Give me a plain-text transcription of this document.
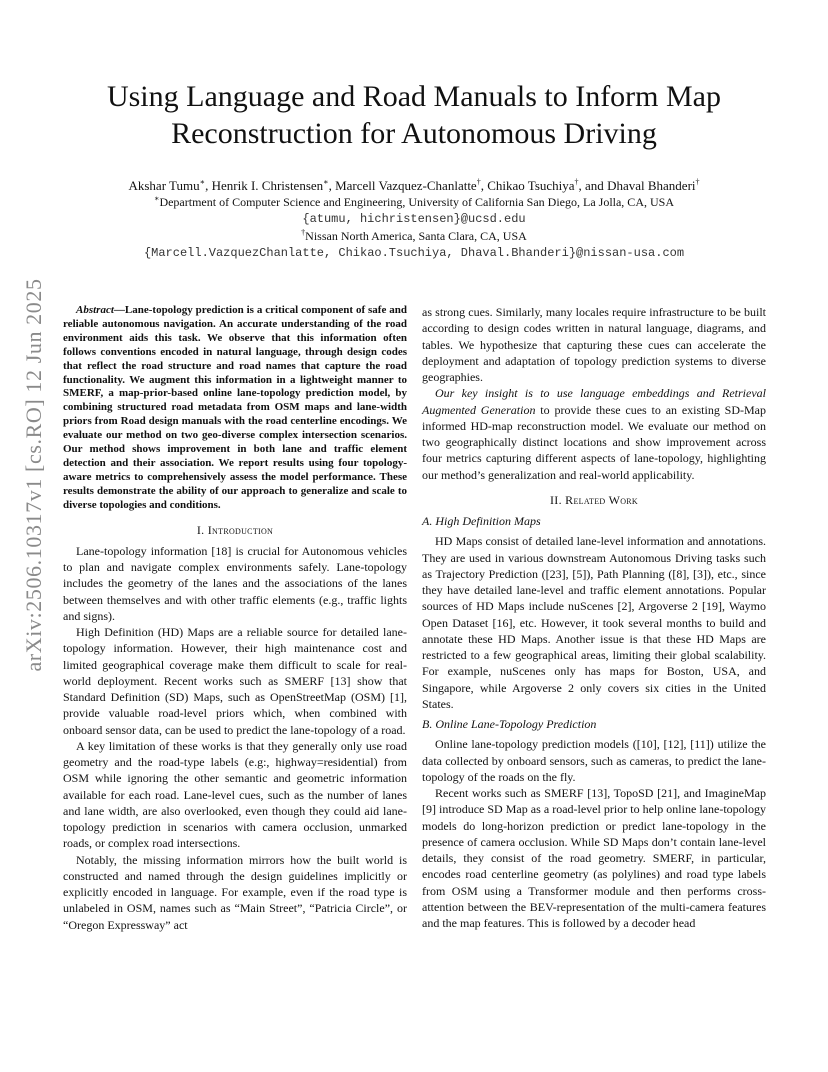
arXiv:2506.10317v1 [cs.RO] 12 Jun 2025
Using Language and Road Manuals to Inform Map
Reconstruction for Autonomous Driving
Akshar Tumu∗, Henrik I. Christensen∗, Marcell Vazquez-Chanlatte†, Chikao Tsuchiya†, and Dhaval Bhanderi†
∗Department of Computer Science and Engineering, University of California San Diego, La Jolla, CA, USA
{atumu, hichristensen}@ucsd.edu
†Nissan North America, Santa Clara, CA, USA
{Marcell.VazquezChanlatte, Chikao.Tsuchiya, Dhaval.Bhanderi}@nissan-usa.com

Abstract—Lane-topology prediction is a critical component of safe and reliable autonomous navigation. An accurate understanding of the road environment aids this task. We observe that this information often follows conventions encoded in natural language, through design codes that reflect the road structure and road names that capture the road functionality. We augment this information in a lightweight manner to SMERF, a map-prior-based online lane-topology prediction model, by combining structured road metadata from OSM maps and lane-width priors from Road design manuals with the road centerline encodings. We evaluate our method on two geo-diverse complex intersection scenarios. Our method shows improvement in both lane and traffic element detection and their association. We report results using four topology-aware metrics to comprehensively assess the model performance. These results demonstrate the ability of our approach to generalize and scale to diverse topologies and conditions.

I. Introduction

Lane-topology information [18] is crucial for Autonomous vehicles to plan and navigate complex environments safely. Lane-topology includes the geometry of the lanes and the associations of the lanes between themselves and with other traffic elements (e.g., traffic lights and signs).

High Definition (HD) Maps are a reliable source for detailed lane-topology information. However, their high maintenance cost and limited geographical coverage make them difficult to scale for real-world deployment. Recent works such as SMERF [13] show that Standard Definition (SD) Maps, such as OpenStreetMap (OSM) [1], provide valuable road-level priors which, when combined with onboard sensor data, can be used to predict the lane-topology of a road.

A key limitation of these works is that they generally only use road geometry and the road-type labels (e.g:, highway=residential) from OSM while ignoring the other semantic and geometric information available for each road. Lane-level cues, such as the number of lanes and lane width, are also overlooked, even though they could aid lane-topology prediction in scenarios with camera occlusion, unmarked roads, or complex road intersections.

Notably, the missing information mirrors how the built world is constructed and named through the design guidelines implicitly or explicitly encoded in language. For example, even if the road type is unlabeled in OSM, names such as “Main Street”, “Patricia Circle”, or “Oregon Expressway” act

as strong cues. Similarly, many locales require infrastructure to be built according to design codes written in natural language, diagrams, and tables. We hypothesize that capturing these cues can accelerate the deployment and adaptation of topology prediction systems to diverse geographies.

Our key insight is to use language embeddings and Retrieval Augmented Generation to provide these cues to an existing SD-Map informed HD-map reconstruction model. We evaluate our method on two geographically distinct locations and show improvement across four metrics capturing different aspects of lane-topology, highlighting our method’s generalization and real-world applicability.

II. Related Work

A. High Definition Maps

HD Maps consist of detailed lane-level information and annotations. They are used in various downstream Autonomous Driving tasks such as Trajectory Prediction ([23], [5]), Path Planning ([8], [3]), etc., since they have detailed lane-level and traffic element annotations. Popular sources of HD Maps include nuScenes [2], Argoverse 2 [19], Waymo Open Dataset [16], etc. However, it took several months to build and annotate these HD Maps. Another issue is that these HD Maps are restricted to a few geographical areas, limiting their global scalability. For example, nuScenes only has maps for Boston, USA, and Singapore, while Argoverse 2 only covers six cities in the United States.

B. Online Lane-Topology Prediction

Online lane-topology prediction models ([10], [12], [11]) utilize the data collected by onboard sensors, such as cameras, to predict the lane-topology of the roads on the fly.

Recent works such as SMERF [13], TopoSD [21], and ImagineMap [9] introduce SD Map as a road-level prior to help online lane-topology models do long-horizon prediction or predict lane-topology in the presence of camera occlusion. While SD Maps don’t contain lane-level details, they consist of the road geometry. SMERF, in particular, encodes road centerline geometry (as polylines) and road type labels from OSM using a Transformer module and then performs cross-attention between the BEV-representation of the multi-camera features and the map features. This is followed by a decoder head
